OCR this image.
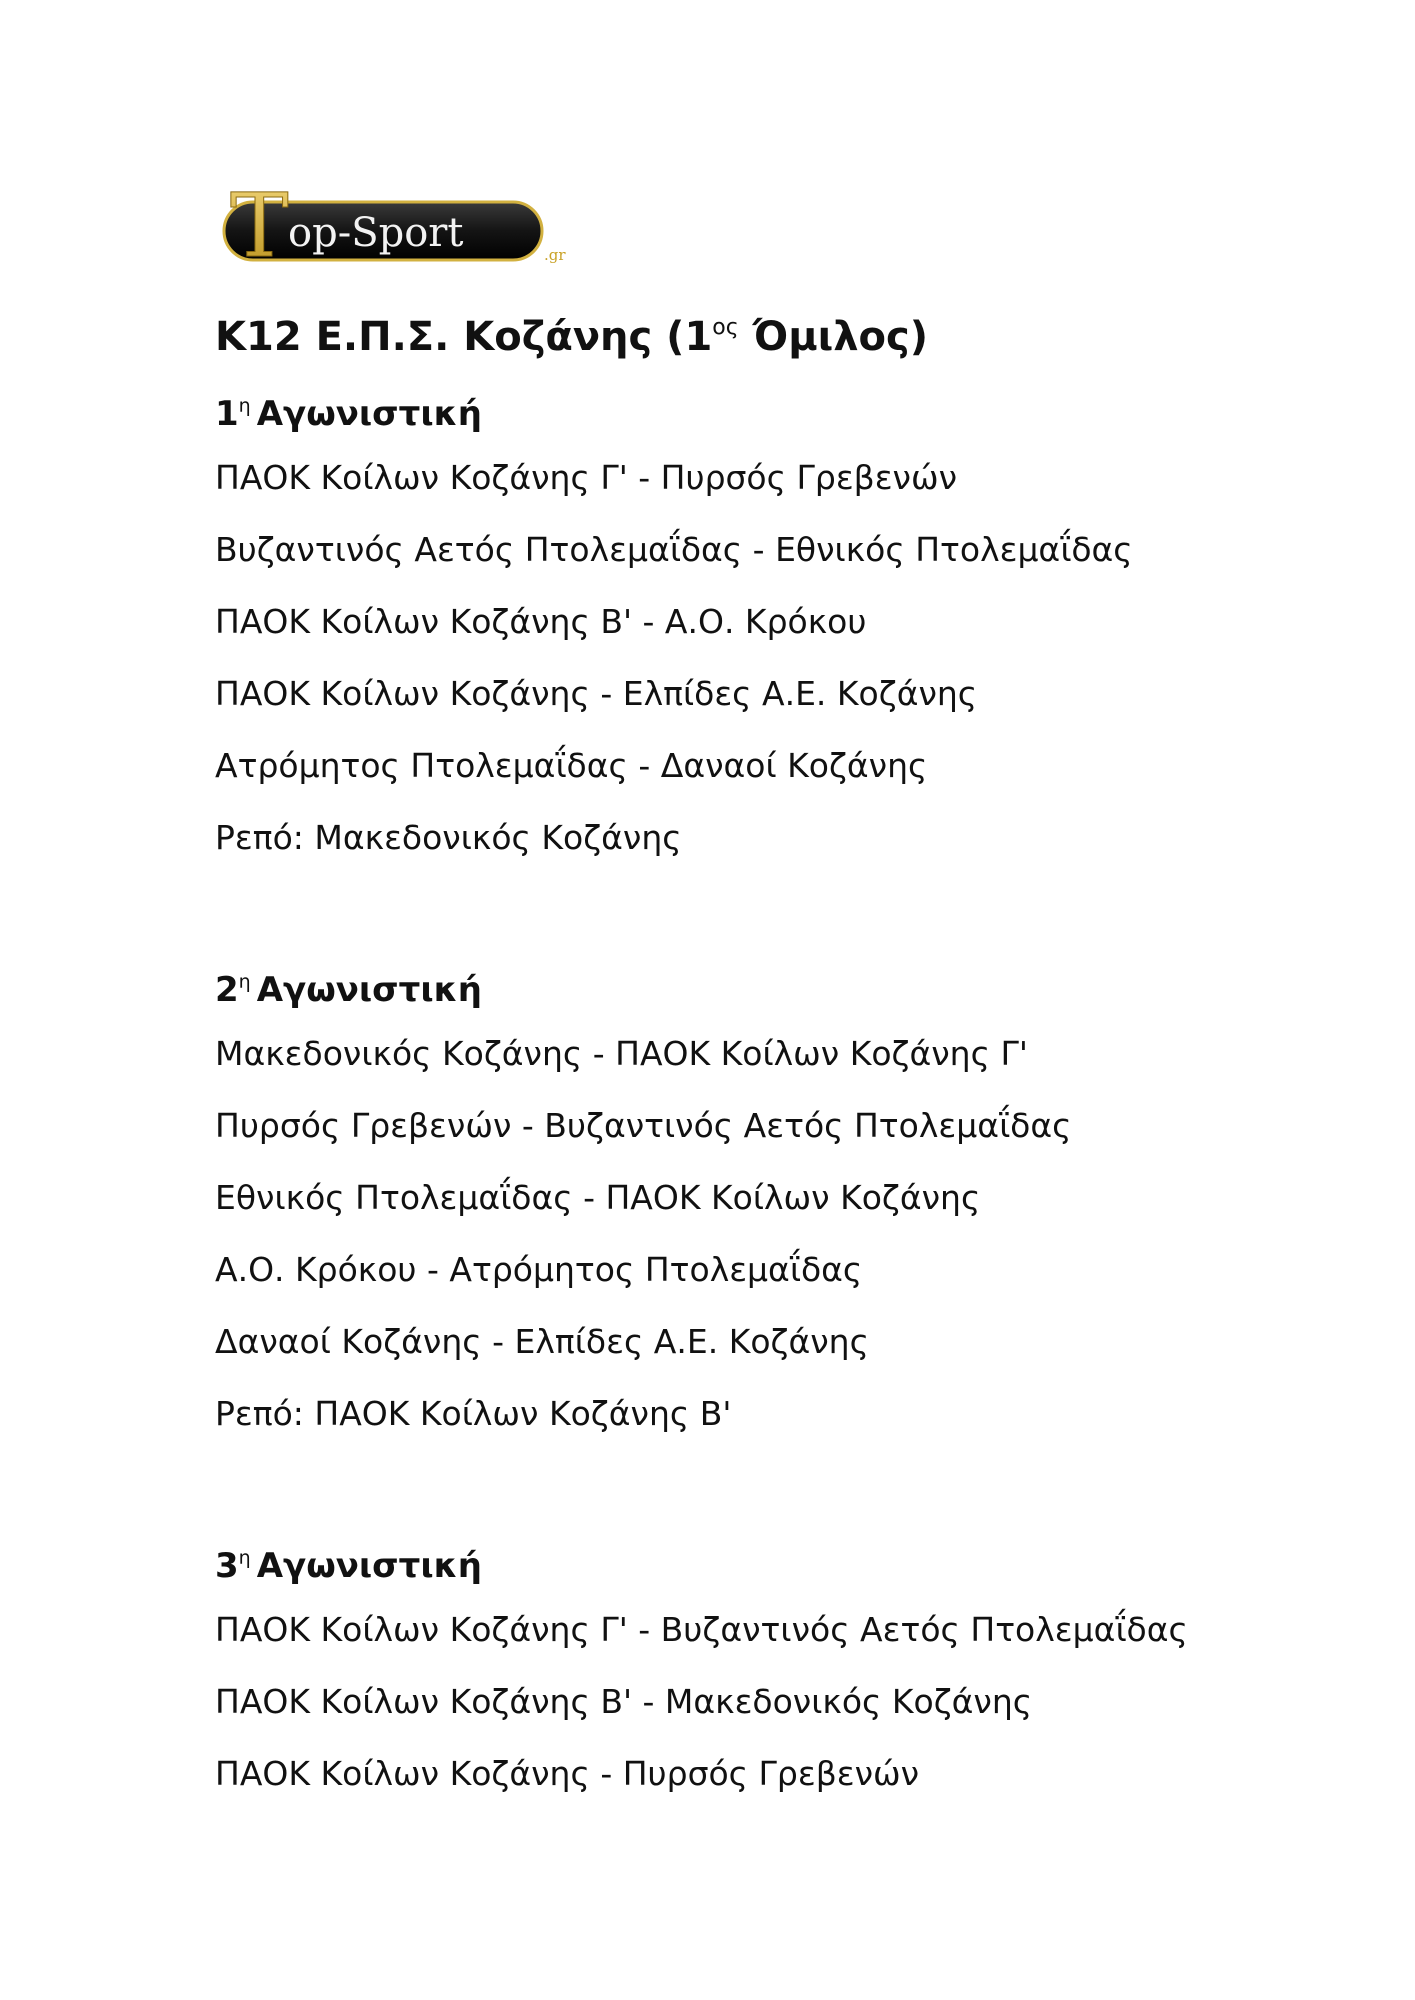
T op-Sport	.gr
K12 Ε.Π.Σ. Κοζάνης ($1^{o\varsigma}$ Όμιλος)
$1^\eta$ Αγωνιστική
ΠΑΟΚ Κοίλων Κοζάνης Γ' - Πυρσός Γρεβενών
Βυζαντινός Αετός Πτολεμαΐδας - Εθνικός Πτολεμαΐδας
ΠΑΟΚ Κοίλων Κοζάνης Β' - Α.Ο. Κρόκου
ΠΑΟΚ Κοίλων Κοζάνης - Ελπίδες Α.Ε. Κοζάνης
Ατρόμητος Πτολεμαΐδας - Δαναοί Κοζάνης
Ρεπό: Μακεδονικός Κοζάνης
$2^\eta$ Αγωνιστική
Μακεδονικός Κοζάνης - ΠΑΟΚ Κοίλων Κοζάνης Γ'
Πυρσός Γρεβενών - Βυζαντινός Αετός Πτολεμαΐδας
Εθνικός Πτολεμαΐδας - ΠΑΟΚ Κοίλων Κοζάνης
Α.Ο. Κρόκου - Ατρόμητος Πτολεμαΐδας
Δαναοί Κοζάνης - Ελπίδες Α.Ε. Κοζάνης
Ρεπό: ΠΑΟΚ Κοίλων Κοζάνης Β'
$3^\eta$ Αγωνιστική
ΠΑΟΚ Κοίλων Κοζάνης Γ' - Βυζαντινός Αετός Πτολεμαΐδας
ΠΑΟΚ Κοίλων Κοζάνης Β' - Μακεδονικός Κοζάνης
ΠΑΟΚ Κοίλων Κοζάνης - Πυρσός Γρεβενών
